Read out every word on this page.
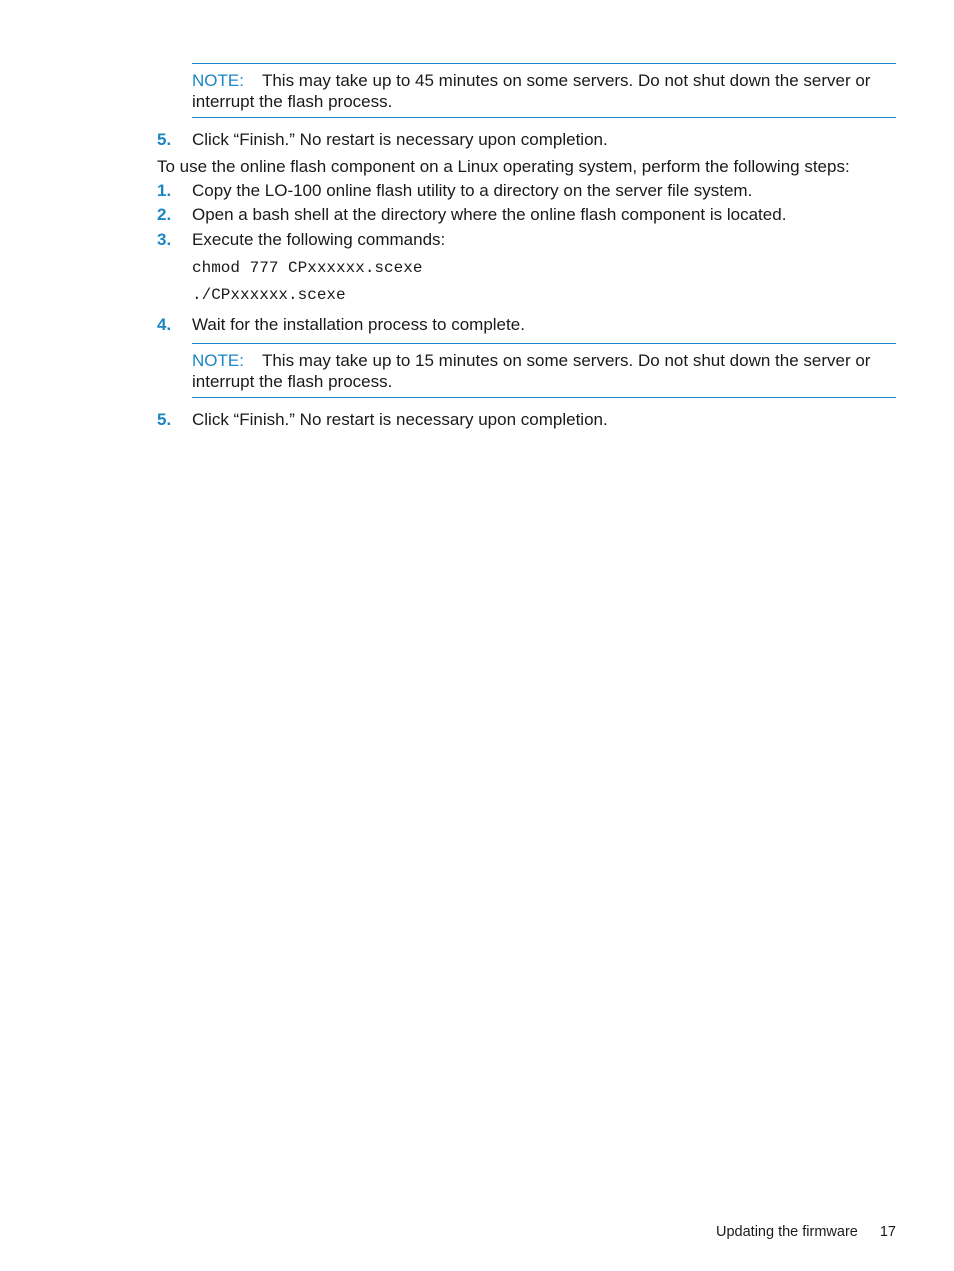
NOTE: This may take up to 45 minutes on some servers. Do not shut down the server or interrupt the flash process.
5. Click “Finish.” No restart is necessary upon completion.
To use the online flash component on a Linux operating system, perform the following steps:
1. Copy the LO-100 online flash utility to a directory on the server file system.
2. Open a bash shell at the directory where the online flash component is located.
3. Execute the following commands:
chmod 777 CPxxxxxx.scexe
./CPxxxxxx.scexe
4. Wait for the installation process to complete.
NOTE: This may take up to 15 minutes on some servers. Do not shut down the server or interrupt the flash process.
5. Click “Finish.” No restart is necessary upon completion.
Updating the firmware 17
